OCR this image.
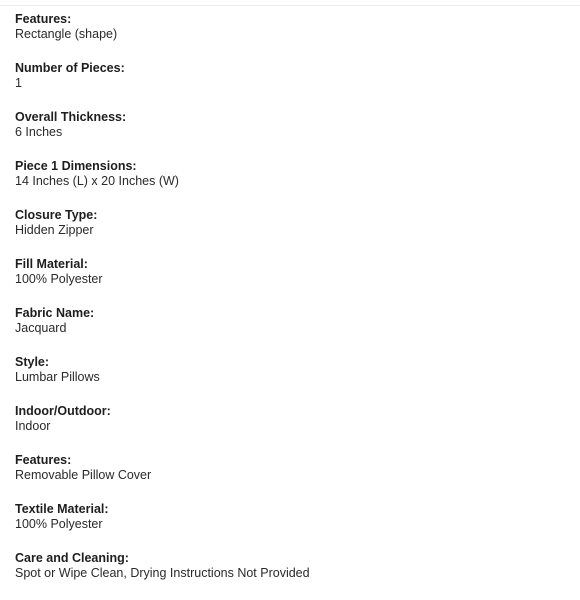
Features:
Rectangle (shape)
Number of Pieces:
1
Overall Thickness:
6 Inches
Piece 1 Dimensions:
14 Inches (L) x 20 Inches (W)
Closure Type:
Hidden Zipper
Fill Material:
100% Polyester
Fabric Name:
Jacquard
Style:
Lumbar Pillows
Indoor/Outdoor:
Indoor
Features:
Removable Pillow Cover
Textile Material:
100% Polyester
Care and Cleaning:
Spot or Wipe Clean, Drying Instructions Not Provided
